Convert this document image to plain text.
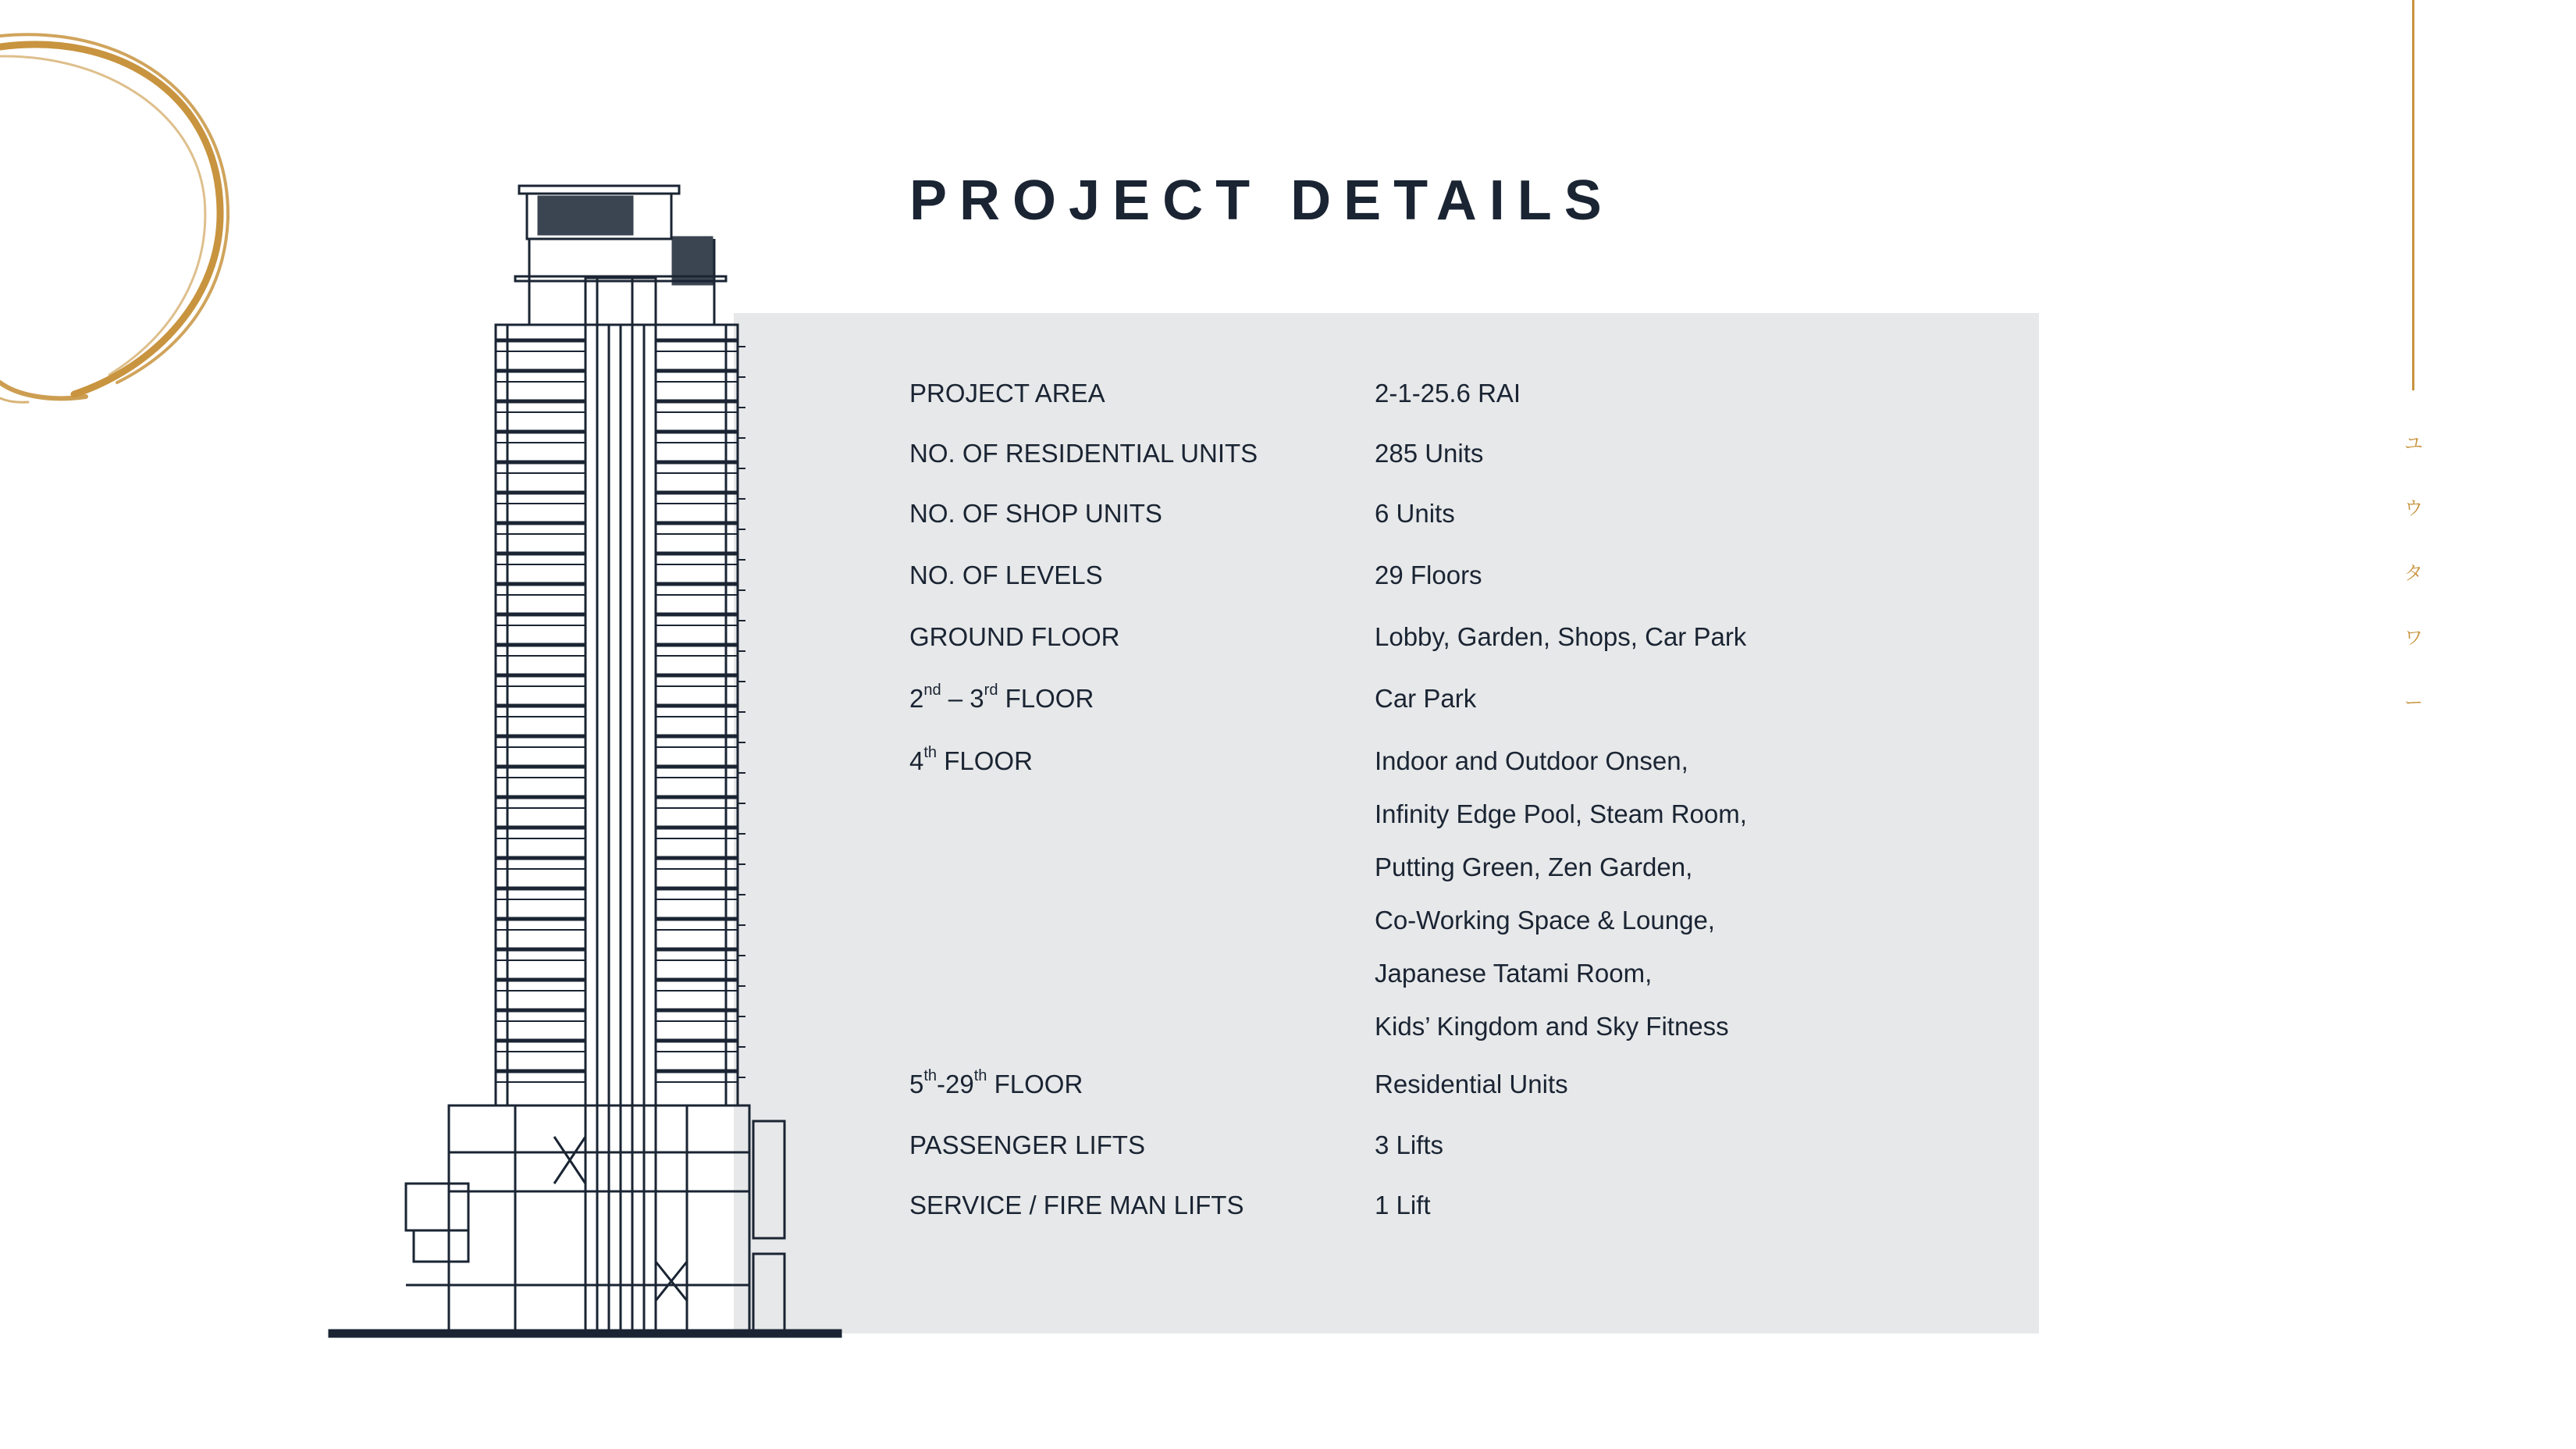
PROJECT DETAILS
PROJECT AREA	2-1-25.6 RAI
NO. OF RESIDENTIAL UNITS	285 Units
NO. OF SHOP UNITS	6 Units
NO. OF LEVELS	29 Floors
GROUND FLOOR	Lobby, Garden, Shops, Car Park
2nd – 3rd FLOOR	Car Park
4th FLOOR	Indoor and Outdoor Onsen,
Infinity Edge Pool, Steam Room,
Putting Green, Zen Garden,
Co-Working Space & Lounge,
Japanese Tatami Room,
Kids’ Kingdom and Sky Fitness
5th-29th FLOOR	Residential Units
PASSENGER LIFTS	3 Lifts
SERVICE / FIRE MAN LIFTS	1 Lift
ユ
ウ
タ
ワ
ー
